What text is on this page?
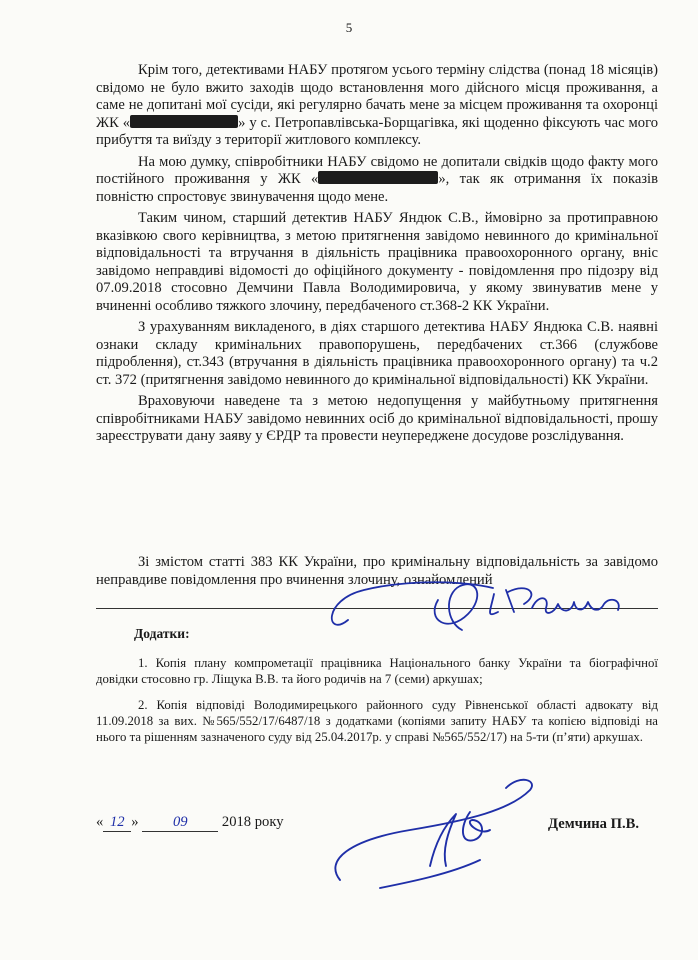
5

Крім того, детективами НАБУ протягом усього терміну слідства (понад 18 місяців) свідомо не було вжито заходів щодо встановлення мого дійсного місця проживання, а саме не допитані мої сусіди, які регулярно бачать мене за місцем проживання та охоронці ЖК «	» у с. Петропавлівська-Борщагівка, які щоденно фіксують час мого прибуття та виїзду з території житлового комплексу.

На мою думку, співробітники НАБУ свідомо не допитали свідків щодо факту мого постійного проживання у ЖК «	», так як отримання їх показів повністю спростовує звинувачення щодо мене.

Таким чином, старший детектив НАБУ Яндюк С.В., ймовірно за протиправною вказівкою свого керівництва, з метою притягнення завідомо невинного до кримінальної відповідальності та втручання в діяльність працівника правоохоронного органу, вніс завідомо неправдиві відомості до офіційного документу - повідомлення про підозру від 07.09.2018 стосовно Демчини Павла Володимировича, у якому звинуватив мене у вчиненні особливо тяжкого злочину, передбаченого ст.368-2 КК України.

З урахуванням викладеного, в діях старшого детектива НАБУ Яндюка С.В. наявні ознаки складу кримінальних правопорушень, передбачених ст.366 (службове підроблення), ст.343 (втручання в діяльність працівника правоохоронного органу) та ч.2 ст. 372 (притягнення завідомо невинного до кримінальної відповідальності) КК України.

Враховуючи наведене та з метою недопущення у майбутньому притягнення співробітниками НАБУ завідомо невинних осіб до кримінальної відповідальності, прошу зареєструвати дану заяву у ЄРДР та провести неупереджене досудове розслідування.

Зі змістом статті 383 КК України, про кримінальну відповідальність за завідомо неправдиве повідомлення про вчинення злочину, ознайомлений
Додатки:
1. Копія плану компрометації працівника Національного банку України та біографічної довідки стосовно гр. Ліщука В.В. та його родичів на 7 (семи) аркушах;
2. Копія відповіді Володимирецького районного суду Рівненської області адвокату від 11.09.2018 за вих. №565/552/17/6487/18 з додатками (копіями запиту НАБУ та копією відповіді на нього та рішенням зазначеного суду від 25.04.2017р. у справі №565/552/17) на 5-ти (п’яти) аркушах.
« 12 » 09 2018 року	Демчина П.В.
